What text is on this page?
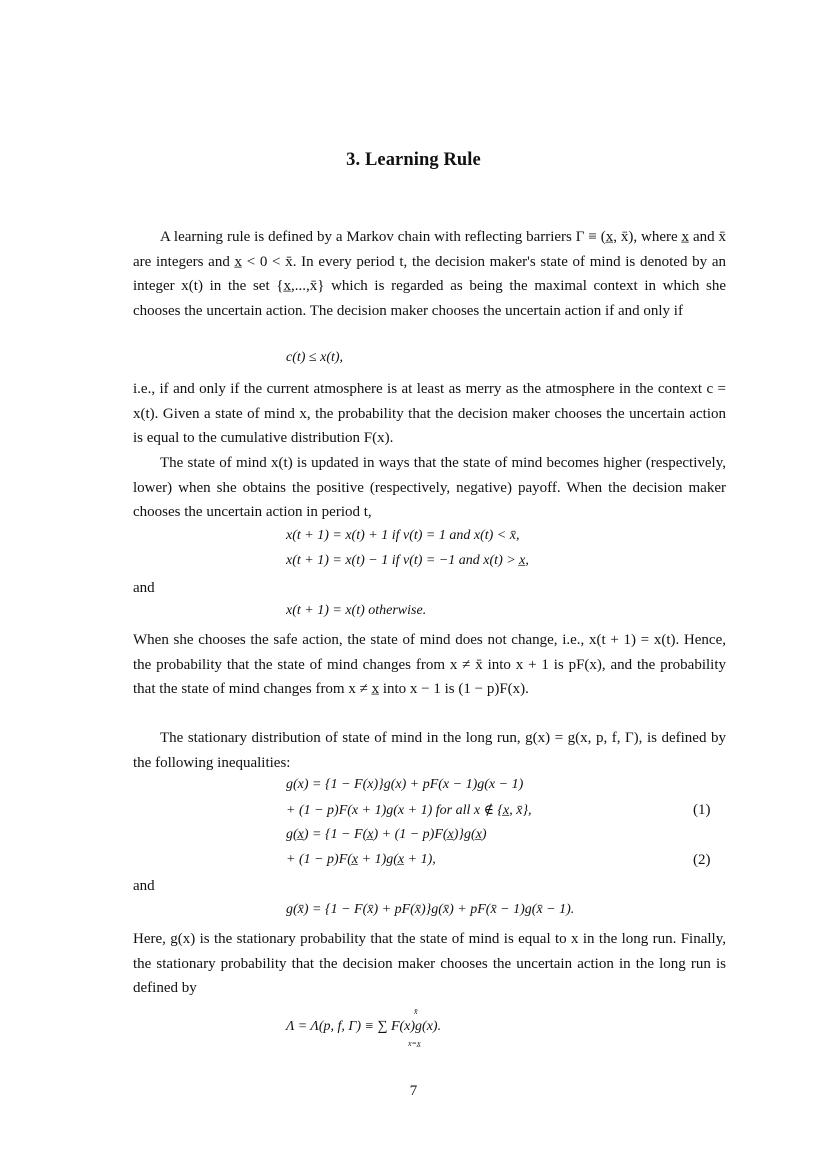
3. Learning Rule

A learning rule is defined by a Markov chain with reflecting barriers Γ ≡ (x̲, x̄), where x̲ and x̄ are integers and x̲ < 0 < x̄. In every period t, the decision maker's state of mind is denoted by an integer x(t) in the set {x̲,...,x̄} which is regarded as being the maximal context in which she chooses the uncertain action. The decision maker chooses the uncertain action if and only if

c(t) ≤ x(t),

i.e., if and only if the current atmosphere is at least as merry as the atmosphere in the context c = x(t). Given a state of mind x, the probability that the decision maker chooses the uncertain action is equal to the cumulative distribution F(x).

The state of mind x(t) is updated in ways that the state of mind becomes higher (respectively, lower) when she obtains the positive (respectively, negative) payoff. When the decision maker chooses the uncertain action in period t,

x(t + 1) = x(t) + 1 if v(t) = 1 and x(t) < x̄,
x(t + 1) = x(t) − 1 if v(t) = −1 and x(t) > x̲,
and
x(t + 1) = x(t) otherwise.

When she chooses the safe action, the state of mind does not change, i.e., x(t + 1) = x(t). Hence, the probability that the state of mind changes from x ≠ x̄ into x + 1 is pF(x), and the probability that the state of mind changes from x ≠ x̲ into x − 1 is (1 − p)F(x).

The stationary distribution of state of mind in the long run, g(x) = g(x, p, f, Γ), is defined by the following inequalities:

g(x) = {1 − F(x)}g(x) + pF(x − 1)g(x − 1)
+ (1 − p)F(x + 1)g(x + 1) for all x ∉ {x̲, x̄},	(1)
g(x̲) = {1 − F(x̲) + (1 − p)F(x̲)}g(x̲)
+ (1 − p)F(x̲ + 1)g(x̲ + 1),	(2)
and
g(x̄) = {1 − F(x̄) + pF(x̄)}g(x̄) + pF(x̄ − 1)g(x̄ − 1).

Here, g(x) is the stationary probability that the state of mind is equal to x in the long run. Finally, the stationary probability that the decision maker chooses the uncertain action in the long run is defined by

x̄
Λ = Λ(p, f, Γ) ≡ ∑ F(x)g(x).
x=x̲
7
